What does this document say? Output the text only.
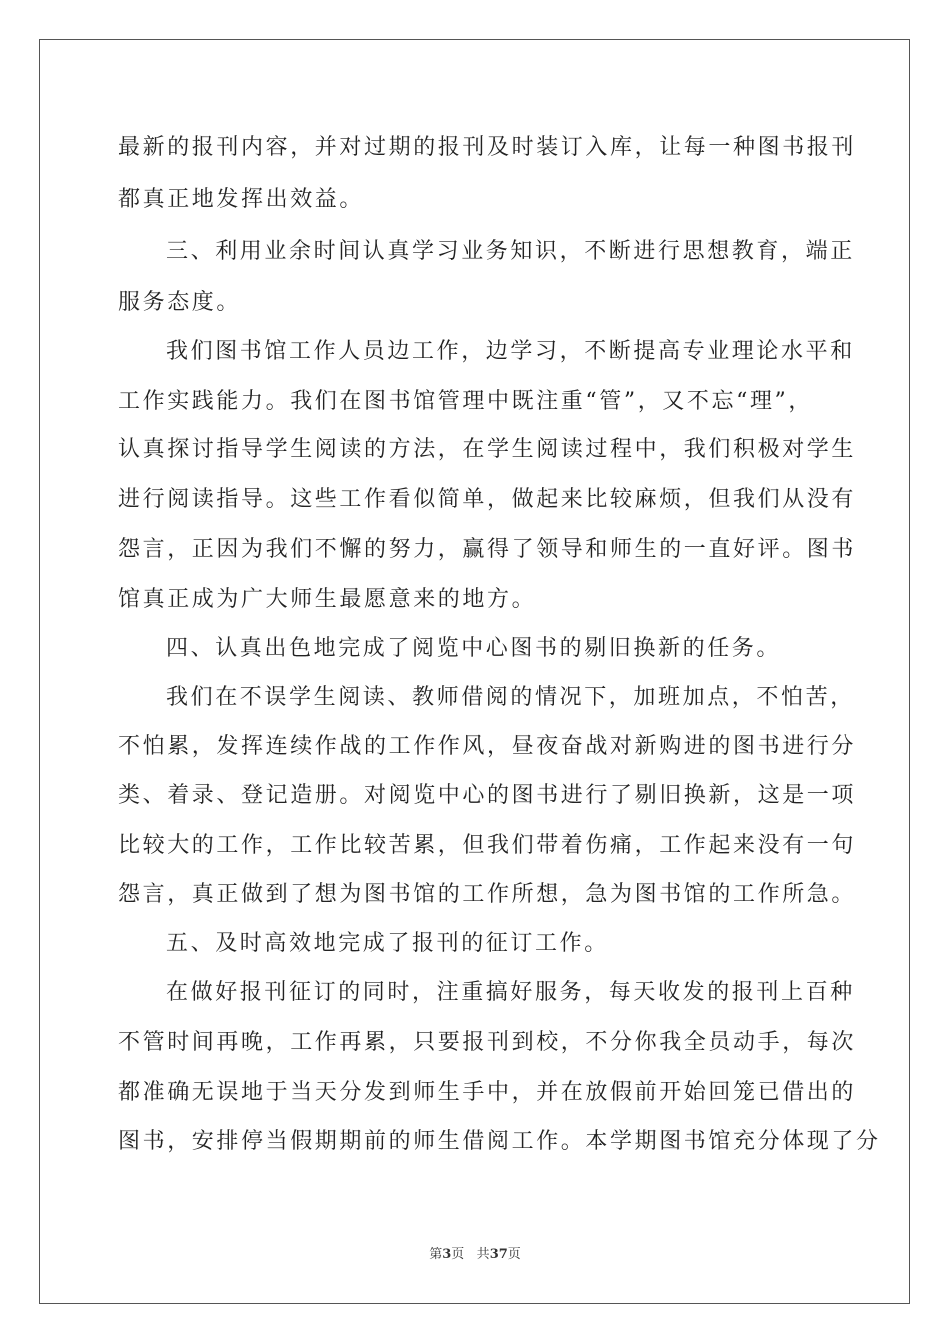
最新的报刊内容，并对过期的报刊及时装订入库，让每一种图书报刊
都真正地发挥出效益。
三、利用业余时间认真学习业务知识，不断进行思想教育，端正
服务态度。
我们图书馆工作人员边工作，边学习，不断提高专业理论水平和
工作实践能力。我们在图书馆管理中既注重“管”，又不忘“理”，
认真探讨指导学生阅读的方法，在学生阅读过程中，我们积极对学生
进行阅读指导。这些工作看似简单，做起来比较麻烦，但我们从没有
怨言，正因为我们不懈的努力，赢得了领导和师生的一直好评。图书
馆真正成为广大师生最愿意来的地方。
四、认真出色地完成了阅览中心图书的剔旧换新的任务。
我们在不误学生阅读、教师借阅的情况下，加班加点，不怕苦，
不怕累，发挥连续作战的工作作风，昼夜奋战对新购进的图书进行分
类、着录、登记造册。对阅览中心的图书进行了剔旧换新，这是一项
比较大的工作，工作比较苦累，但我们带着伤痛，工作起来没有一句
怨言，真正做到了想为图书馆的工作所想，急为图书馆的工作所急。
五、及时高效地完成了报刊的征订工作。
在做好报刊征订的同时，注重搞好服务，每天收发的报刊上百种
不管时间再晚，工作再累，只要报刊到校，不分你我全员动手，每次
都准确无误地于当天分发到师生手中，并在放假前开始回笼已借出的
图书，安排停当假期期前的师生借阅工作。本学期图书馆充分体现了分
第3页 共37页
